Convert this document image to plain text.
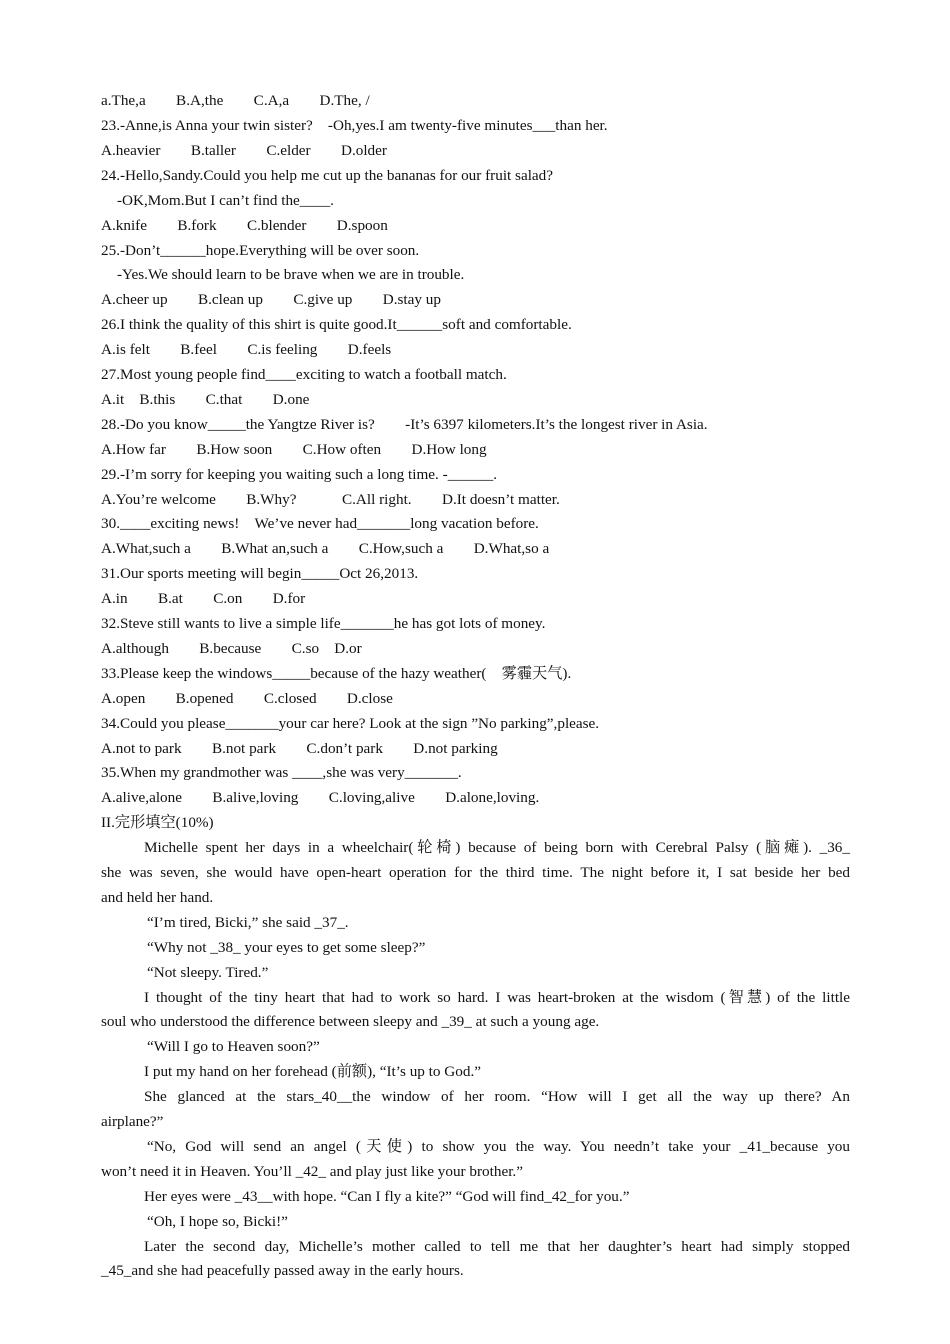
a.The,a　　B.A,the　　C.A,a　　D.The, /
23.-Anne,is Anna your twin sister?　-Oh,yes.I am twenty-five minutes___than her.
A.heavier　　B.taller　　C.elder　　D.older
24.-Hello,Sandy.Could you help me cut up the bananas for our fruit salad?
-OK,Mom.But I can’t find the____.
A.knife　　B.fork　　C.blender　　D.spoon
25.-Don’t______hope.Everything will be over soon.
-Yes.We should learn to be brave when we are in trouble.
A.cheer up　　B.clean up　　C.give up　　D.stay up
26.I think the quality of this shirt is quite good.It______soft and comfortable.
A.is felt　　B.feel　　C.is feeling　　D.feels
27.Most young people find____exciting to watch a football match.
A.it　B.this　　C.that　　D.one
28.-Do you know_____the Yangtze River is?　　-It’s 6397 kilometers.It’s the longest river in Asia.
A.How far　　B.How soon　　C.How often　　D.How long
29.-I’m sorry for keeping you waiting such a long time. -______.
A.You’re welcome　　B.Why?　　　C.All right.　　D.It doesn’t matter.
30.____exciting news!　We’ve never had_______long vacation before.
A.What,such a　　B.What an,such a　　C.How,such a　　D.What,so a
31.Our sports meeting will begin_____Oct 26,2013.
A.in　　B.at　　C.on　　D.for
32.Steve still wants to live a simple life_______he has got lots of money.
A.although　　B.because　　C.so　D.or
33.Please keep the windows_____because of the hazy weather(　雾霾天气).
A.open　　B.opened　　C.closed　　D.close
34.Could you please_______your car here? Look at the sign ”No parking”,please.
A.not to park　　B.not park　　C.don’t park　　D.not parking
35.When my grandmother was ____,she was very_______.
A.alive,alone　　B.alive,loving　　C.loving,alive　　D.alone,loving.
II.完形填空(10%)
Michelle spent her days in a wheelchair(轮椅) because of being born with Cerebral Palsy (脑瘫). _36_
she was seven, she would have open-heart operation for the third time. The night before it, I sat beside her bed
and held her hand.
“I’m tired, Bicki,” she said _37_.
“Why not _38_ your eyes to get some sleep?”
“Not sleepy. Tired.”
I thought of the tiny heart that had to work so hard. I was heart-broken at the wisdom (智慧) of the little
soul who understood the difference between sleepy and _39_ at such a young age.
“Will I go to Heaven soon?”
I put my hand on her forehead (前额), “It’s up to God.”
She glanced at the stars_40__the window of her room. “How will I get all the way up there? An
airplane?”
“No, God will send an angel (天使) to show you the way. You needn’t take your _41_because you
won’t need it in Heaven. You’ll _42_ and play just like your brother.”
Her eyes were _43__with hope. “Can I fly a kite?” “God will find_42_for you.”
“Oh, I hope so, Bicki!”
Later the second day, Michelle’s mother called to tell me that her daughter’s heart had simply stopped
_45_and she had peacefully passed away in the early hours.
